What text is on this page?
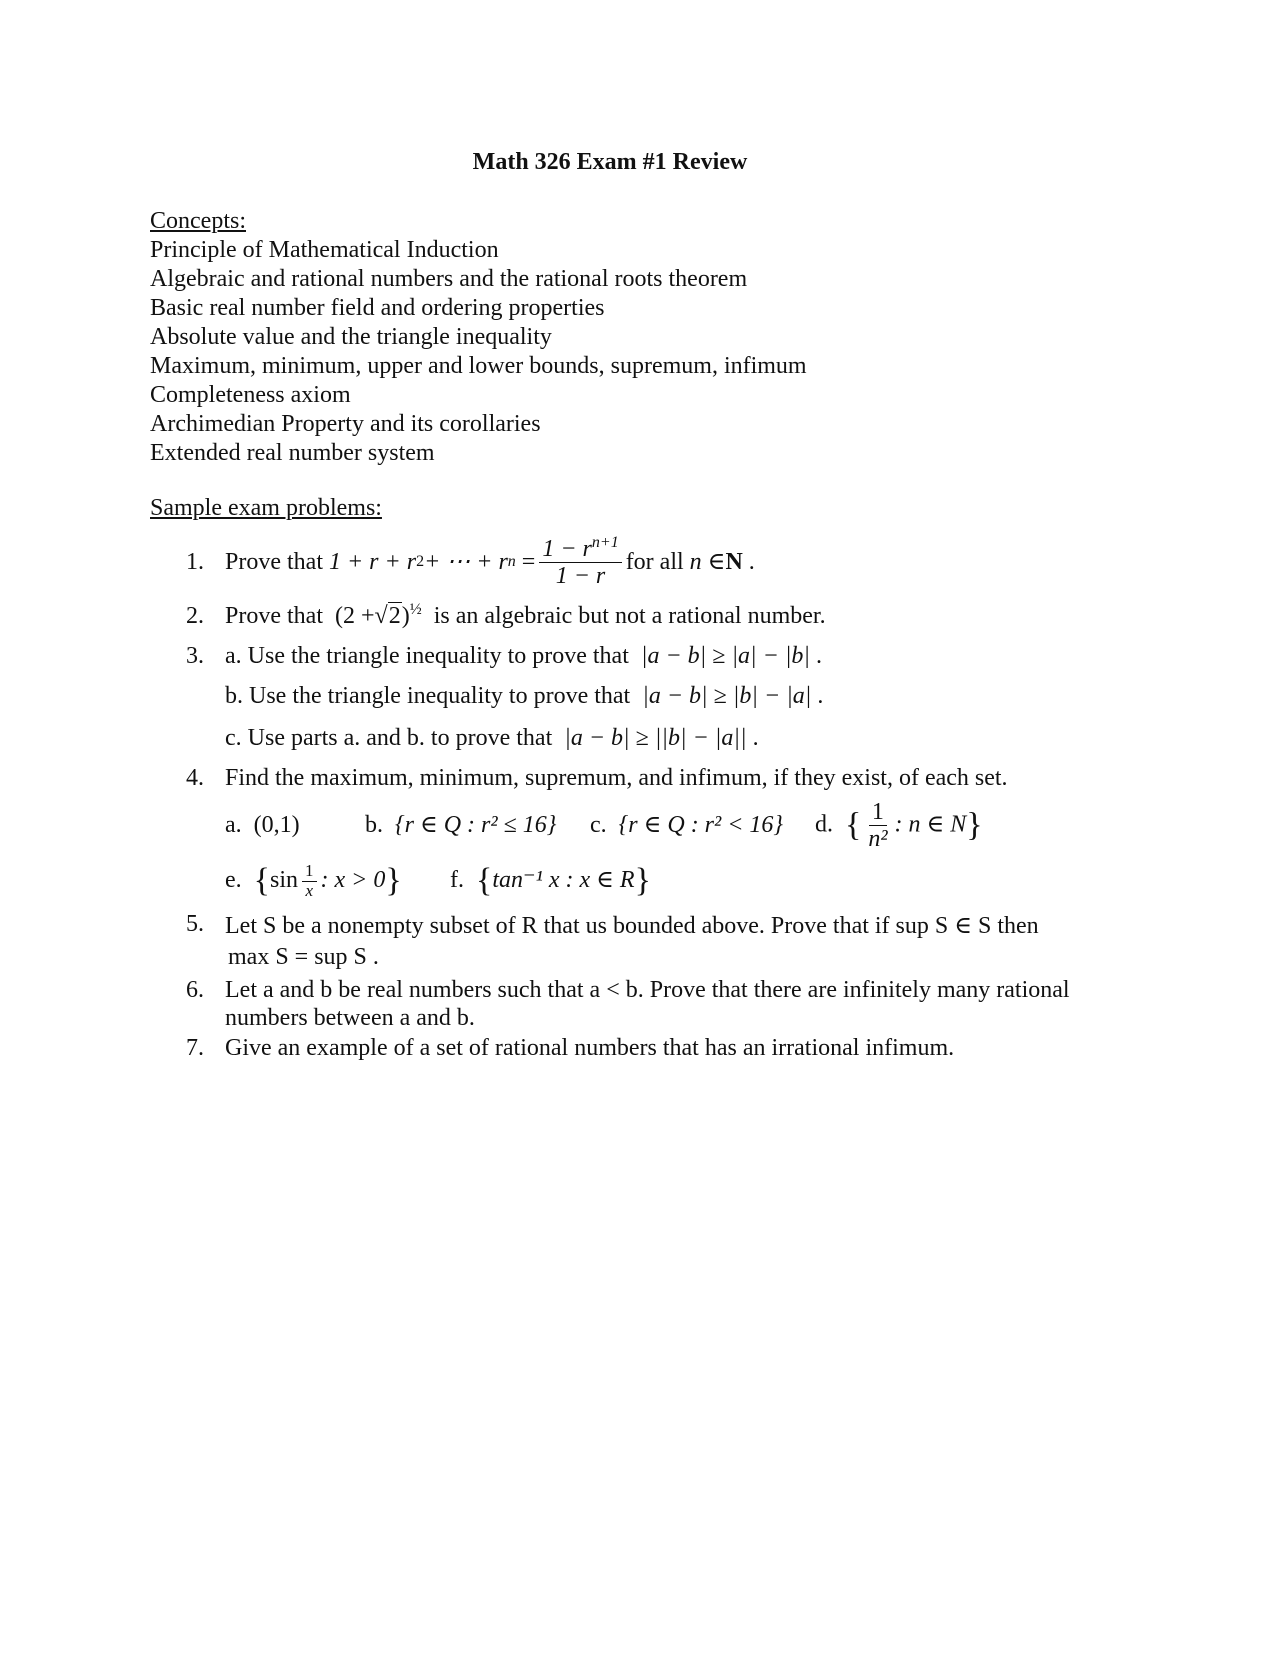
Math 326 Exam #1 Review
Concepts:
Principle of Mathematical Induction
Algebraic and rational numbers and the rational roots theorem
Basic real number field and ordering properties
Absolute value and the triangle inequality
Maximum, minimum, upper and lower bounds, supremum, infimum
Completeness axiom
Archimedian Property and its corollaries
Extended real number system
Sample exam problems:
1. Prove that
1 + r + r 2 + ⋯ + r n
= $\frac{1 - r^{n+1}}{1 - r}$ for all
n ∈ N
.
2. Prove that $(2 +√2)^{\frac{1}{2}}$ is an algebraic but not a rational number.
3. a. Use the triangle inequality to prove that |a − b| ≥ |a| − |b| .
b. Use the triangle inequality to prove that |a − b| ≥ |b| − |a| .
c. Use parts a. and b. to prove that |a − b| ≥ ||b| − |a|| .
4. Find the maximum, minimum, supremum, and infimum, if they exist, of each set.
a. (0,1)	b. {r ∈ Q : r² ≤ 16}	c. {r ∈ Q : r² < 16}	d. { $\frac{1}{\text{n²}}$ : n ∈ N}
e. {$\sin \frac{1}{x}$ : x > 0}	f. {tan⁻¹ x : x ∈ R}
5. Let S be a nonempty subset of R that us bounded above. Prove that if sup S ∈ S then
max S = sup S .
6. Let a and b be real numbers such that a < b. Prove that there are infinitely many rational numbers between a and b.
7. Give an example of a set of rational numbers that has an irrational infimum.
